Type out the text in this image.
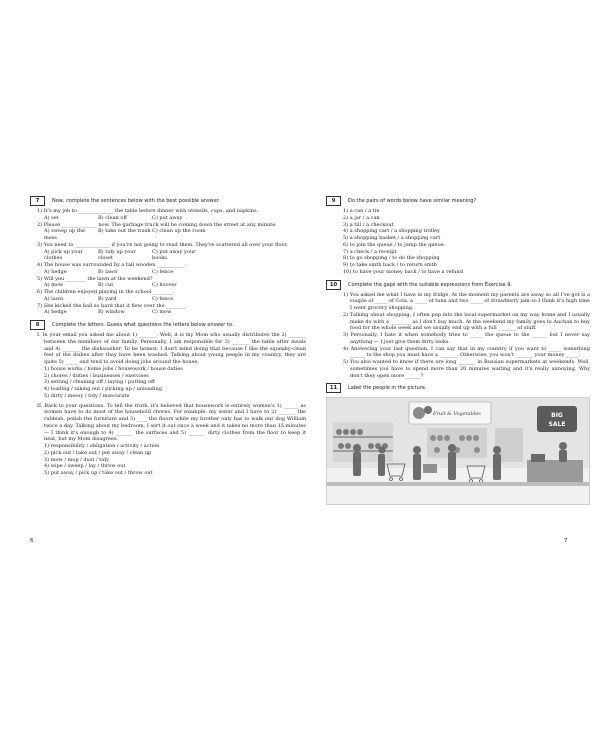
7	Now, complete the sentences below with the best possible answer.
1) It's my job to ______________ the table before dinner with utensils, cups, and napkins.
A) set	B) clean off	C) put away
2) Please ______________ now. The garbage truck will be coming down the street at any minute.
A) sweep up the mess
B) take out the trash C) clean up the room
3) You need to ______________ if you're not going to read them. They're scattered all over your floor.
A) pick up your clothes
B) tidy up your closet
C) put away your books
4) The house was surrounded by a tall wooden ___________.
A) hedge	B) lawn	C) fence
5) Will you ________ the lawn at the weekend?
A) mow	B) cut	C) hoover
6) The children enjoyed playing in the school ________.
A) lawn	B) yard	C) fence
7) She kicked the ball so hard that it flew over the ________.
A) hedge	B) window	C) mow
8	Complete the letters. Guess what questions the letters below answer to.
I. In your email you asked me about 1) _______. Well, it is my Mom who usually distributes the 2) _______ between the members of our family. Personally, I am responsible for 3) _______ the table after meals and 4) _______ the dishwasher. To be honest, I don't mind doing that because I like the squeaky-clean feel of the dishes after they have been washed. Talking about young people in my country, they are quite 5) _____ and tend to avoid doing jobs around the house.
1) house works / home jobs / housework / house duties
2) chores / duties / businesses / exercises
3) setting / cleaning off / laying / putting off
4) loading / taking out / picking up / unloading
5) dirty / messy / tidy / insecurate
II. Back to your questions. To tell the truth, it's believed that housework is entirely women's 1) ______ as women have to do most of the household chores. For example, my sister and I have to 2) _______ the rubbish, polish the furniture and 3) ____ the floors while my brother only has to walk our dog William twice a day. Talking about my bedroom, I sort it out once a week and it takes no more than 15 minutes — I think it's enough to 4) _______ the surfaces and 5) _______ dirty clothes from the floor to keep it neat, but my Mom disagrees.
1) responsibility / obligation / activity / action
2) pick out / take out / put away / clean up
3) mow / mop / dust / tidy
4) wipe / sweep / lay / throw out
5) put away / pick up / take out / throw out
6
9	Do the pairs of words below have similar meaning?
1) a can / a tin
2) a jar / a can
3) a till / a checkout
4) a shopping cart / a shopping trolley
5) a shopping basket / a shopping cart
6) to join the queue / to jump the queue
7) a check / a receipt
8) to go shopping / to do the shopping
9) to take smth back / to return smth
10) to have your money back / to have a refund
10	Complete the gaps with the suitable expressions from Exercise 9.
1) You asked me what I have in my fridge. At the moment my parents are away so all I've got is a couple of _____ of Cola, a _____ of tuna and two _____ of strawberry jam so I think it's high time I went grocery shopping.
2) Talking about shopping, I often pop into the local supermarket on my way home and I usually make do with a ________ as I don't buy much. At the weekend my family goes to Auchan to buy food for the whole week and we usually end up with a full _______ of stuff.
3) Personally, I hate it when somebody tries to _____ the queue to the ______ but I never say anything — I just give them dirty looks.
4) Answering your last question, I can say that in my country if you want to _____ something ______ to the shop you must have a _______. Otherwise, you won't _______ your money _____.
5) You also wanted to know if there are long _______ in Russian supermarkets at weekends. Well, sometimes you have to spend more than 20 minutes waiting and it's really annoying. Why don't they open more ______?
11	Label the people in the picture.
Fruit & Vegetables	BIG
SALE
7
